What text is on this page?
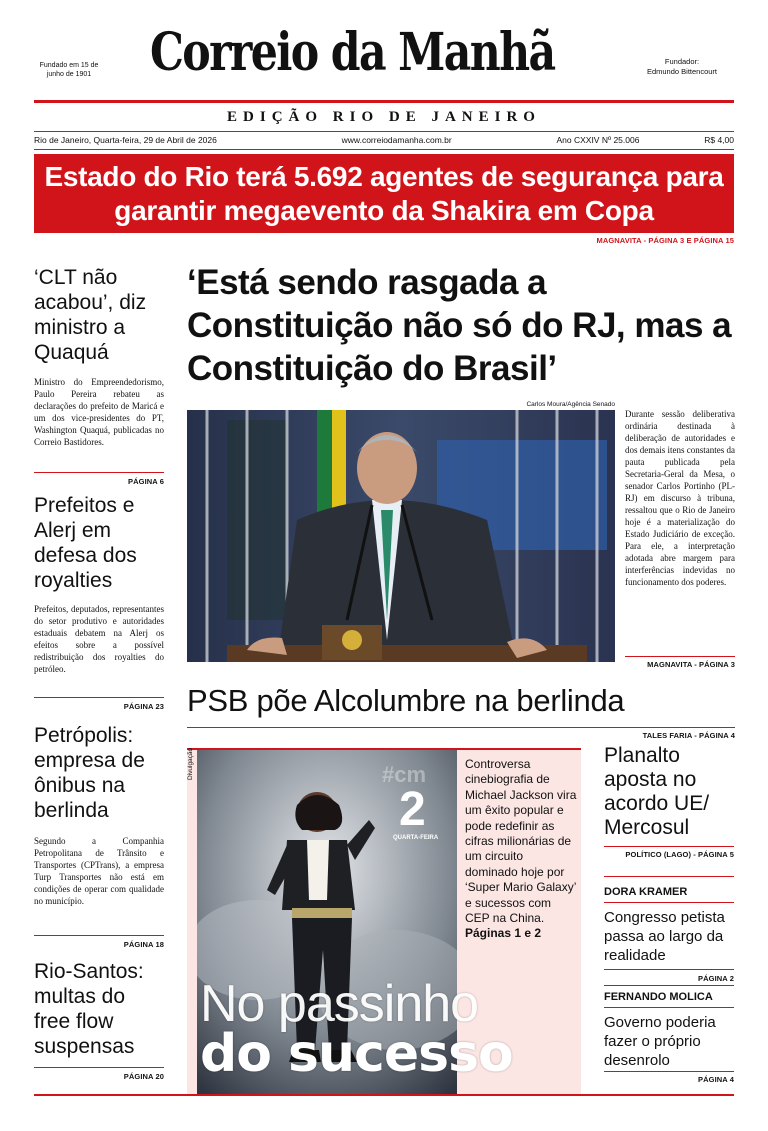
Fundado em 15 de junho de 1901 Correio da Manhã	Fundador:
Edmundo Bittencourt
EDIÇÃO RIO DE JANEIRO
Rio de Janeiro, Quarta-feira, 29 de Abril de 2026	www.correiodamanha.com.br	Ano CXXIV Nº 25.006	R$ 4,00
Estado do Rio terá 5.692 agentes de segurança para garantir megaevento da Shakira em Copa
MAGNAVITA - PÁGINA 3 E PÁGINA 15
‘CLT não acabou’, diz ministro a Quaquá
Ministro do Empreendedorismo, Paulo Pereira rebateu as declarações do prefeito de Maricá e um dos vice-presidentes do PT, Washington Quaquá, publicadas no Correio Bastidores.
PÁGINA 6
Prefeitos e Alerj em defesa dos royalties
Prefeitos, deputados, representantes do setor produtivo e autoridades estaduais debatem na Alerj os efeitos sobre a possível redistribuição dos royalties do petróleo.
PÁGINA 23
Petrópolis: empresa de ônibus na berlinda
Segundo a Companhia Petropolitana de Trânsito e Transportes (CPTrans), a empresa Turp Transportes não está em condições de operar com qualidade no município.
PÁGINA 18
Rio-Santos: multas do free flow suspensas
PÁGINA 20
‘Está sendo rasgada a Constituição não só do RJ, mas a Constituição do Brasil’
Carlos Moura/Agência Senado
Durante sessão deliberativa ordinária destinada à deliberação de autoridades e dos demais itens constantes da pauta publicada pela Secretaria-Geral da Mesa, o senador Carlos Portinho (PL-RJ) em discurso à tribuna, ressaltou que o Rio de Janeiro hoje é a materialização do Estado Judiciário de exceção. Para ele, a interpretação adotada abre margem para interferências indevidas no funcionamento dos poderes.
MAGNAVITA - PÁGINA 3
PSB põe Alcolumbre na berlinda
TALES FARIA - PÁGINA 4
#cm
2
QUARTA-FEIRA
Divulgação	Controversa cinebiografia de Michael Jackson vira um êxito popular e pode redefinir as cifras milionárias de um circuito dominado hoje por ‘Super Mario Galaxy’ e sucessos com CEP na China. Páginas 1 e 2
No passinho
do sucesso
Planalto aposta no acordo UE/ Mercosul
POLÍTICO (LAGO) - PÁGINA 5
DORA KRAMER
Congresso petista passa ao largo da realidade
PÁGINA 2
FERNANDO MOLICA
Governo poderia fazer o próprio desenrolo
PÁGINA 4
